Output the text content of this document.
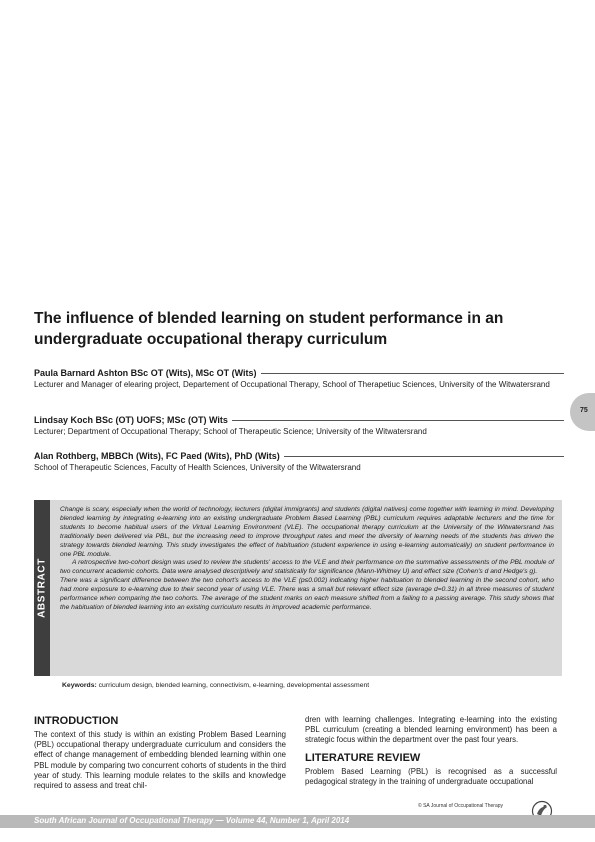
The influence of blended learning on student performance in an undergraduate occupational therapy curriculum
Paula Barnard Ashton BSc OT (Wits), MSc OT (Wits)
Lecturer and Manager of elearing project, Departement of Occupational Therapy, School of Therapetiuc Sciences, University of the Witwatersrand
Lindsay Koch BSc (OT) UOFS; MSc (OT) Wits
Lecturer; Department of Occupational Therapy; School of Therapeutic Science; University of the Witwatersrand
Alan Rothberg, MBBCh (Wits), FC Paed (Wits), PhD (Wits)
School of Therapeutic Sciences, Faculty of Health Sciences, University of the Witwatersrand
75
ABSTRACT

Change is scary, especially when the world of technology, lecturers (digital immigrants) and students (digital natives) come together with learning in mind. Developing blended learning by integrating e-learning into an existing undergraduate Problem Based Learning (PBL) curriculum requires adaptable lecturers and the time for students to become habitual users of the Virtual Learning Environment (VLE). The occupational therapy curriculum at the University of the Witwatersrand has traditionally been delivered via PBL, but the increasing need to improve throughput rates and meet the diversity of learning needs of the students has driven the strategy towards blended learning. This study investigates the effect of habituation (student experience in using e-learning automatically) on student performance in one PBL module.

A retrospective two-cohort design was used to review the students' access to the VLE and their performance on the summative assessments of the PBL module of two concurrent academic cohorts. Data were analysed descriptively and statistically for significance (Mann-Whitney U) and effect size (Cohen's d and Hedge's g).

There was a significant difference between the two cohort's access to the VLE (p≤0.002) indicating higher habituation to blended learning in the second cohort, who had more exposure to e-learning due to their second year of using VLE. There was a small but relevant effect size (average d=0.31) in all three measures of student performance when comparing the two cohorts. The average of the student marks on each measure shifted from a failing to a passing average. This study shows that the habituation of blended learning into an existing curriculum results in improved academic performance.

Keywords: curriculum design, blended learning, connectivism, e-learning, developmental assessment
INTRODUCTION
The context of this study is within an existing Problem Based Learning (PBL) occupational therapy undergraduate curriculum and considers the effect of change management of embedding blended learning within one PBL module by comparing two concurrent cohorts of students in the third year of study. This learning module relates to the skills and knowledge required to assess and treat chil-
dren with learning challenges. Integrating e-learning into the existing PBL curriculum (creating a blended learning environment) has been a strategic focus within the department over the past four years.
LITERATURE REVIEW
Problem Based Learning (PBL) is recognised as a successful pedagogical strategy in the training of undergraduate occupational
© SA Journal of Occupational Therapy
South African Journal of Occupational Therapy — Volume 44, Number 1, April 2014
